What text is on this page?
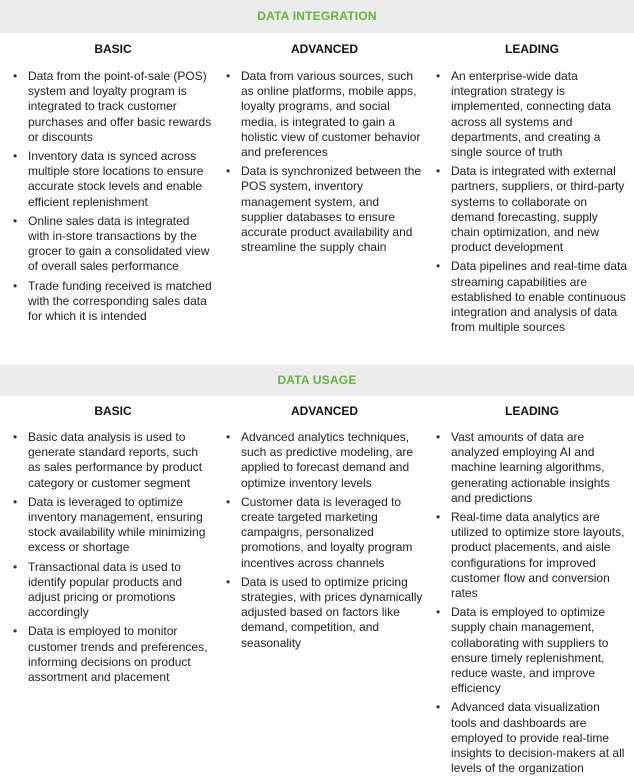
DATA INTEGRATION
BASIC
• Data from the point-of-sale (POS) system and loyalty program is integrated to track customer purchases and offer basic rewards or discounts
• Inventory data is synced across multiple store locations to ensure accurate stock levels and enable efficient replenishment
• Online sales data is integrated with in-store transactions by the grocer to gain a consolidated view of overall sales performance
• Trade funding received is matched with the corresponding sales data for which it is intended
ADVANCED
• Data from various sources, such as online platforms, mobile apps, loyalty programs, and social media, is integrated to gain a holistic view of customer behavior and preferences
• Data is synchronized between the POS system, inventory management system, and supplier databases to ensure accurate product availability and streamline the supply chain
LEADING
• An enterprise-wide data integration strategy is implemented, connecting data across all systems and departments, and creating a single source of truth
• Data is integrated with external partners, suppliers, or third-party systems to collaborate on demand forecasting, supply chain optimization, and new product development
• Data pipelines and real-time data streaming capabilities are established to enable continuous integration and analysis of data from multiple sources
DATA USAGE
BASIC
• Basic data analysis is used to generate standard reports, such as sales performance by product category or customer segment
• Data is leveraged to optimize inventory management, ensuring stock availability while minimizing excess or shortage
• Transactional data is used to identify popular products and adjust pricing or promotions accordingly
• Data is employed to monitor customer trends and preferences, informing decisions on product assortment and placement
ADVANCED
• Advanced analytics techniques, such as predictive modeling, are applied to forecast demand and optimize inventory levels
• Customer data is leveraged to create targeted marketing campaigns, personalized promotions, and loyalty program incentives across channels
• Data is used to optimize pricing strategies, with prices dynamically adjusted based on factors like demand, competition, and seasonality
LEADING
• Vast amounts of data are analyzed employing AI and machine learning algorithms, generating actionable insights and predictions
• Real-time data analytics are utilized to optimize store layouts, product placements, and aisle configurations for improved customer flow and conversion rates
• Data is employed to optimize supply chain management, collaborating with suppliers to ensure timely replenishment, reduce waste, and improve efficiency
• Advanced data visualization tools and dashboards are employed to provide real-time insights to decision-makers at all levels of the organization
